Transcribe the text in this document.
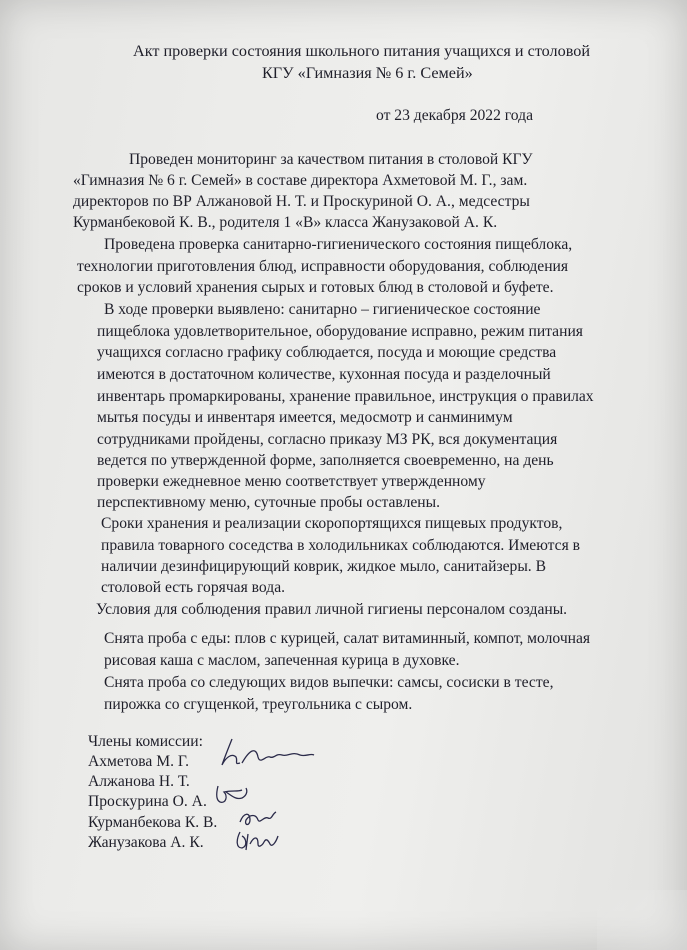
Акт проверки состояния школьного питания учащихся и столовой
КГУ «Гимназия № 6 г. Семей»
от 23 декабря 2022 года
Проведен мониторинг за качеством питания в столовой КГУ
«Гимназия № 6 г. Семей» в составе директора Ахметовой М. Г., зам.
директоров по ВР Алжановой Н. Т. и Проскуриной О. А., медсестры
Курманбековой К. В., родителя 1 «В» класса Жанузаковой А. К.
Проведена проверка санитарно-гигиенического состояния пищеблока,
технологии приготовления блюд, исправности оборудования, соблюдения
сроков и условий хранения сырых и готовых блюд в столовой и буфете.
В ходе проверки выявлено: санитарно – гигиеническое состояние
пищеблока удовлетворительное, оборудование исправно, режим питания
учащихся согласно графику соблюдается, посуда и моющие средства
имеются в достаточном количестве, кухонная посуда и разделочный
инвентарь промаркированы, хранение правильное, инструкция о правилах
мытья посуды и инвентаря имеется, медосмотр и санминимум
сотрудниками пройдены, согласно приказу МЗ РК, вся документация
ведется по утвержденной форме, заполняется своевременно, на день
проверки ежедневное меню соответствует утвержденному
перспективному меню, суточные пробы оставлены.
Сроки хранения и реализации скоропортящихся пищевых продуктов,
правила товарного соседства в холодильниках соблюдаются. Имеются в
наличии дезинфицирующий коврик, жидкое мыло, санитайзеры. В
столовой есть горячая вода.
Условия для соблюдения правил личной гигиены персоналом созданы.
Снята проба с еды: плов с курицей, салат витаминный, компот, молочная
рисовая каша с маслом, запеченная курица в духовке.
Снята проба со следующих видов выпечки: самсы, сосиски в тесте,
пирожка со сгущенкой, треугольника с сыром.
Члены комиссии:
Ахметова М. Г.
Алжанова Н. Т.
Проскурина О. А.
Курманбекова К. В.
Жанузакова А. К.
